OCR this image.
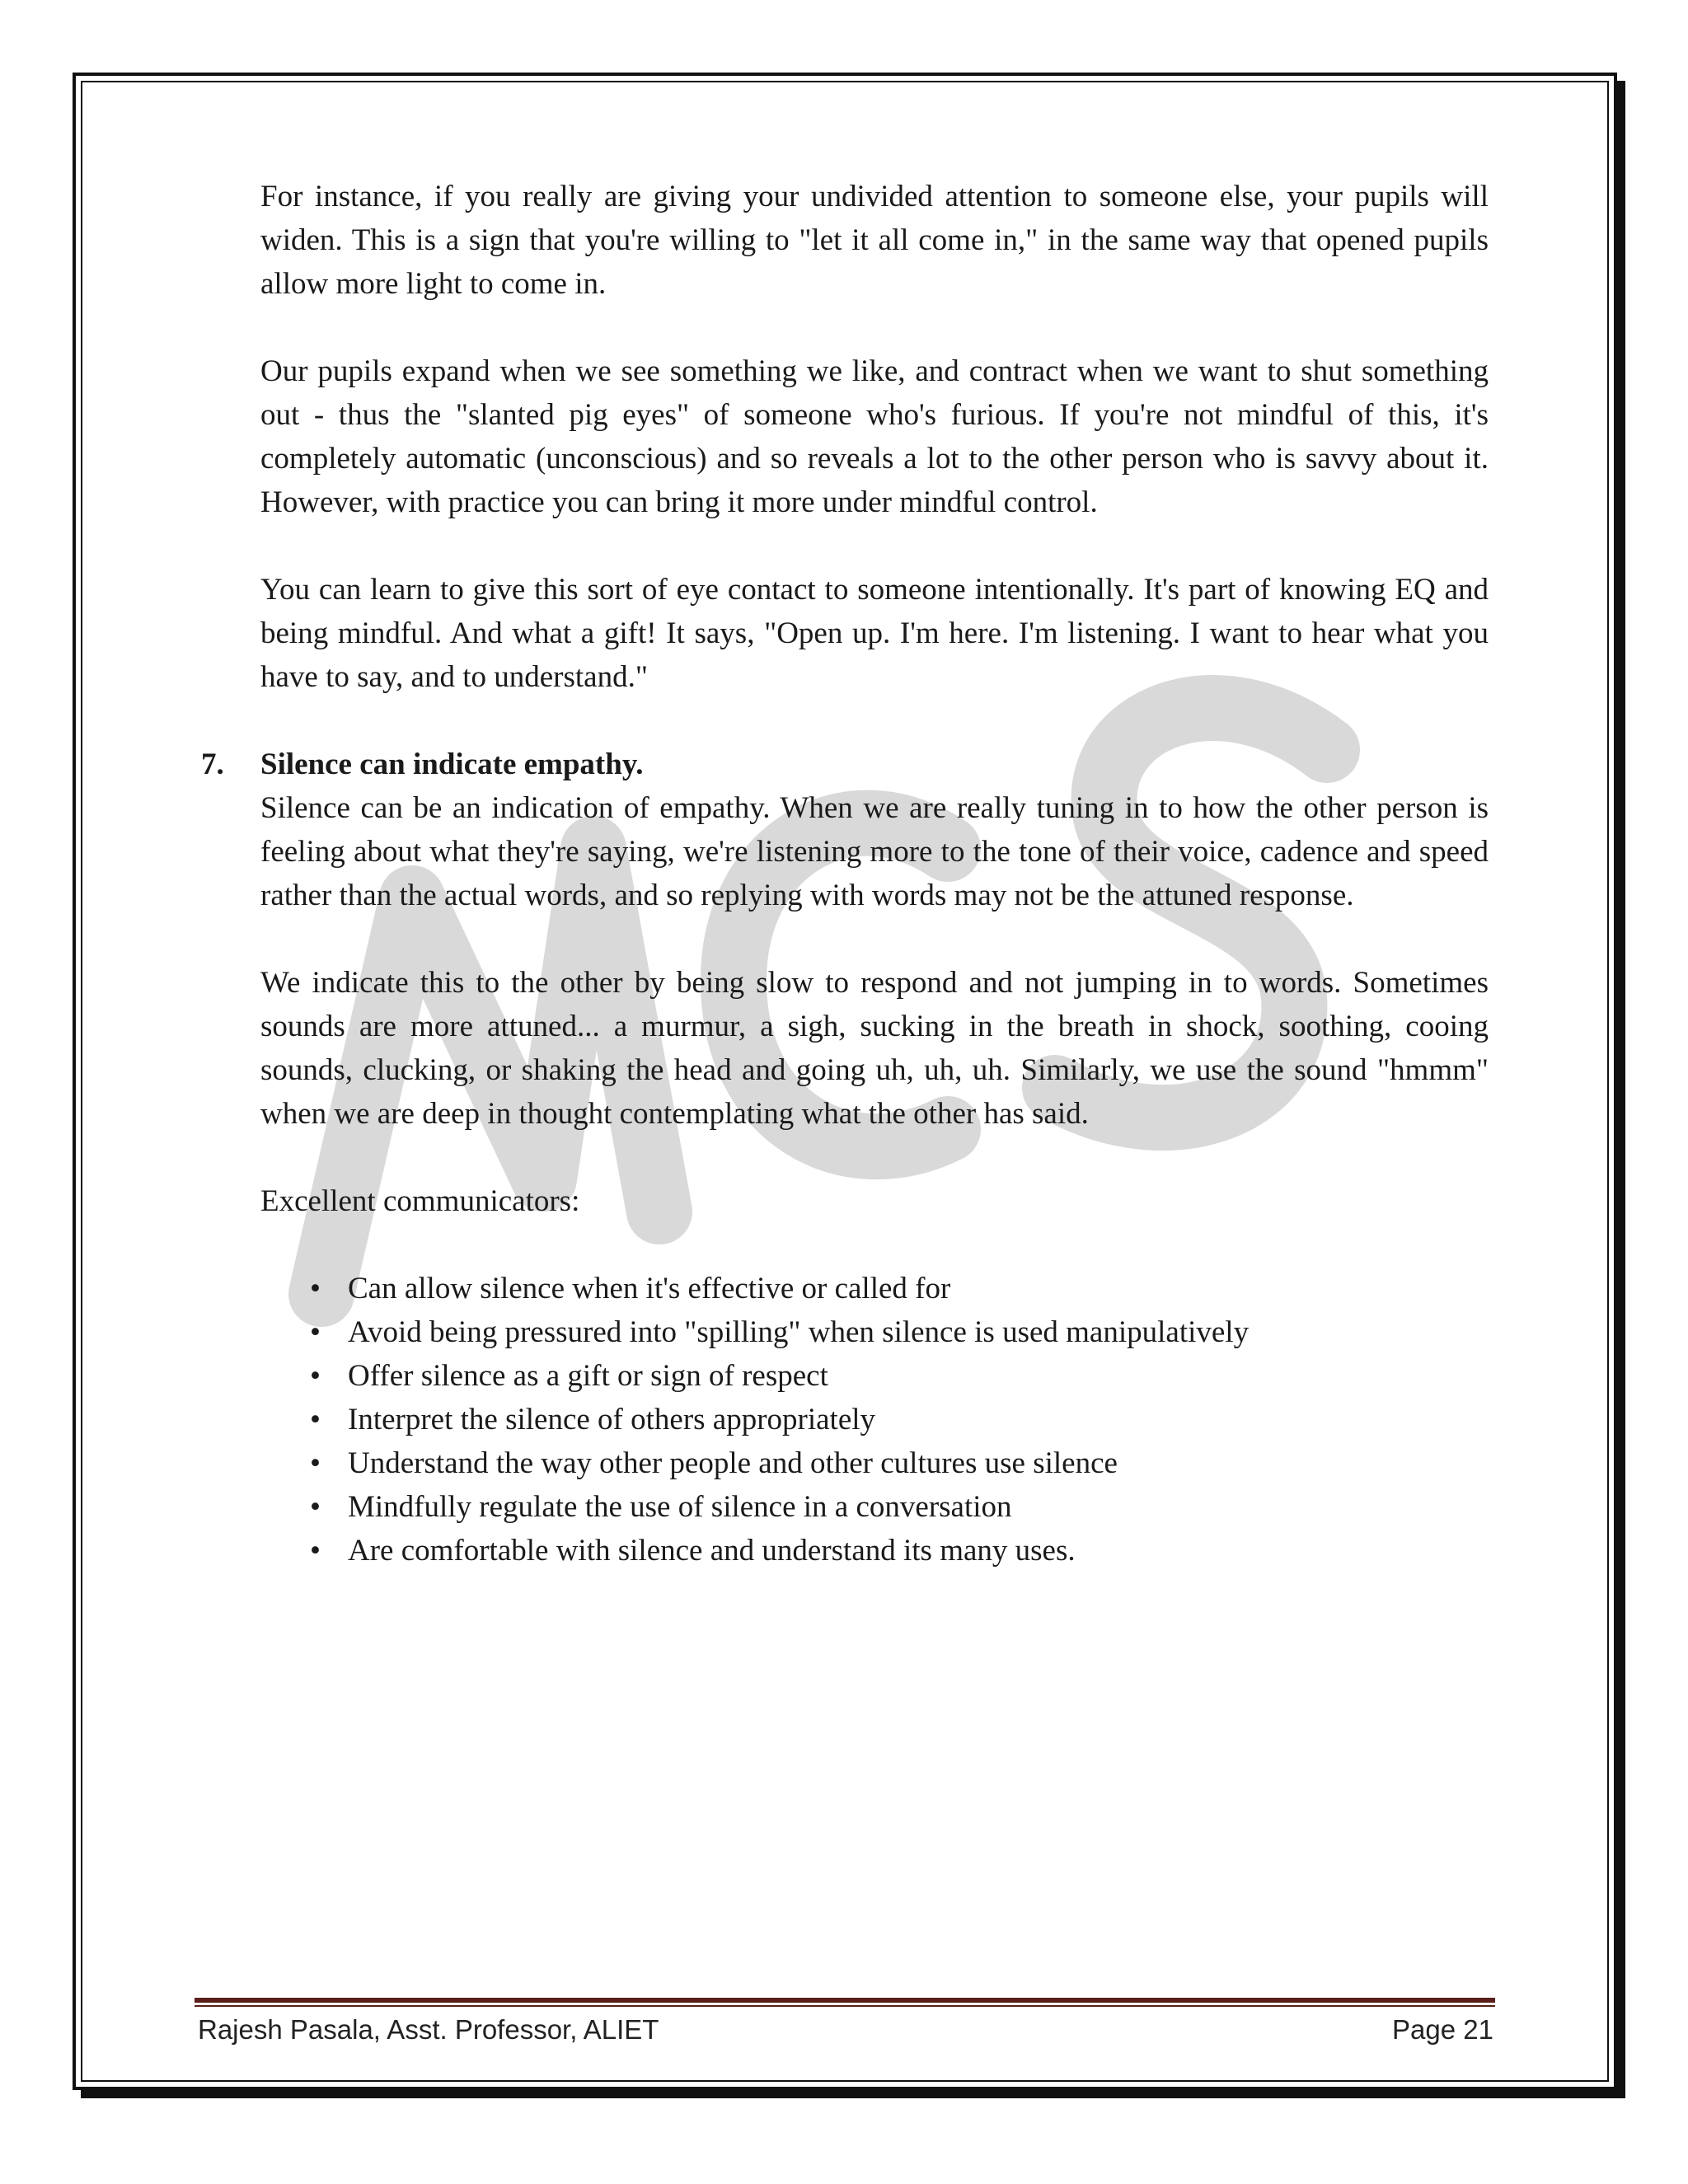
For instance, if you really are giving your undivided attention to someone else, your pupils will widen. This is a sign that you're willing to "let it all come in," in the same way that opened pupils allow more light to come in.

Our pupils expand when we see something we like, and contract when we want to shut something out - thus the "slanted pig eyes" of someone who's furious. If you're not mindful of this, it's completely automatic (unconscious) and so reveals a lot to the other person who is savvy about it. However, with practice you can bring it more under mindful control.

You can learn to give this sort of eye contact to someone intentionally. It's part of knowing EQ and being mindful. And what a gift! It says, "Open up. I'm here. I'm listening. I want to hear what you have to say, and to understand."

7. Silence can indicate empathy.

Silence can be an indication of empathy. When we are really tuning in to how the other person is feeling about what they're saying, we're listening more to the tone of their voice, cadence and speed rather than the actual words, and so replying with words may not be the attuned response.

We indicate this to the other by being slow to respond and not jumping in to words. Sometimes sounds are more attuned... a murmur, a sigh, sucking in the breath in shock, soothing, cooing sounds, clucking, or shaking the head and going uh, uh, uh. Similarly, we use the sound "hmmm" when we are deep in thought contemplating what the other has said.

Excellent communicators:

• Can allow silence when it's effective or called for
• Avoid being pressured into "spilling" when silence is used manipulatively
• Offer silence as a gift or sign of respect
• Interpret the silence of others appropriately
• Understand the way other people and other cultures use silence
• Mindfully regulate the use of silence in a conversation
• Are comfortable with silence and understand its many uses.
Rajesh Pasala, Asst. Professor, ALIET	Page 21
